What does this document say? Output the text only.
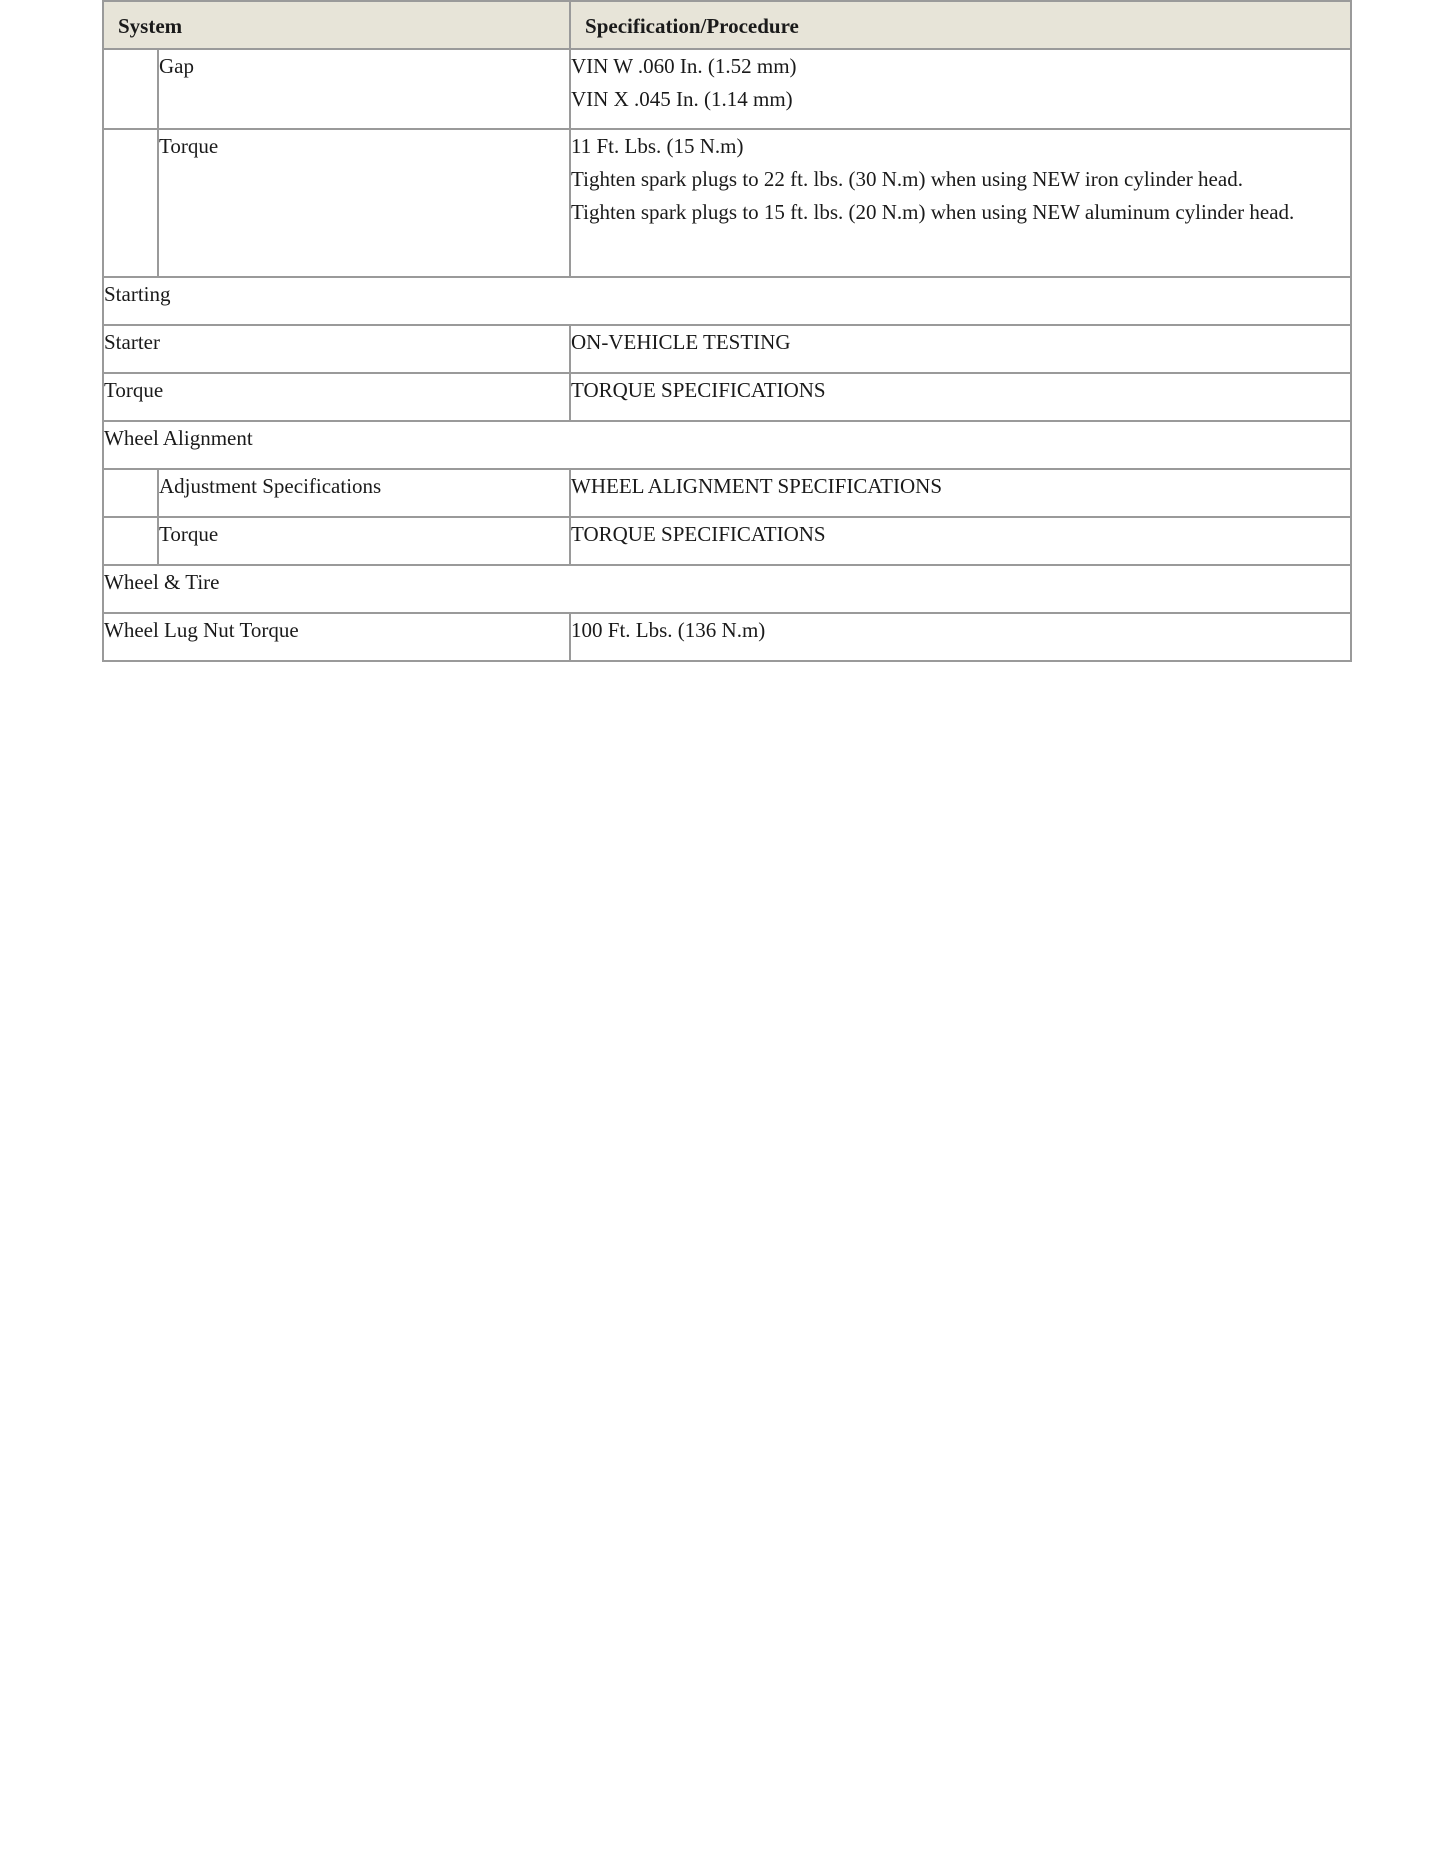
System		Specification/Procedure
	Gap	VIN W .060 In. (1.52 mm)
VIN X .045 In. (1.14 mm)

	Torque	11 Ft. Lbs. (15 N.m)
Tighten spark plugs to 22 ft. lbs. (30 N.m) when using NEW iron cylinder head.
Tighten spark plugs to 15 ft. lbs. (20 N.m) when using NEW aluminum cylinder head.

Starting		
Starter		ON-VEHICLE TESTING
Torque		TORQUE SPECIFICATIONS
Wheel Alignment		
	Adjustment Specifications	WHEEL ALIGNMENT SPECIFICATIONS
	Torque	TORQUE SPECIFICATIONS
Wheel & Tire		
Wheel Lug Nut Torque		100 Ft. Lbs. (136 N.m)
